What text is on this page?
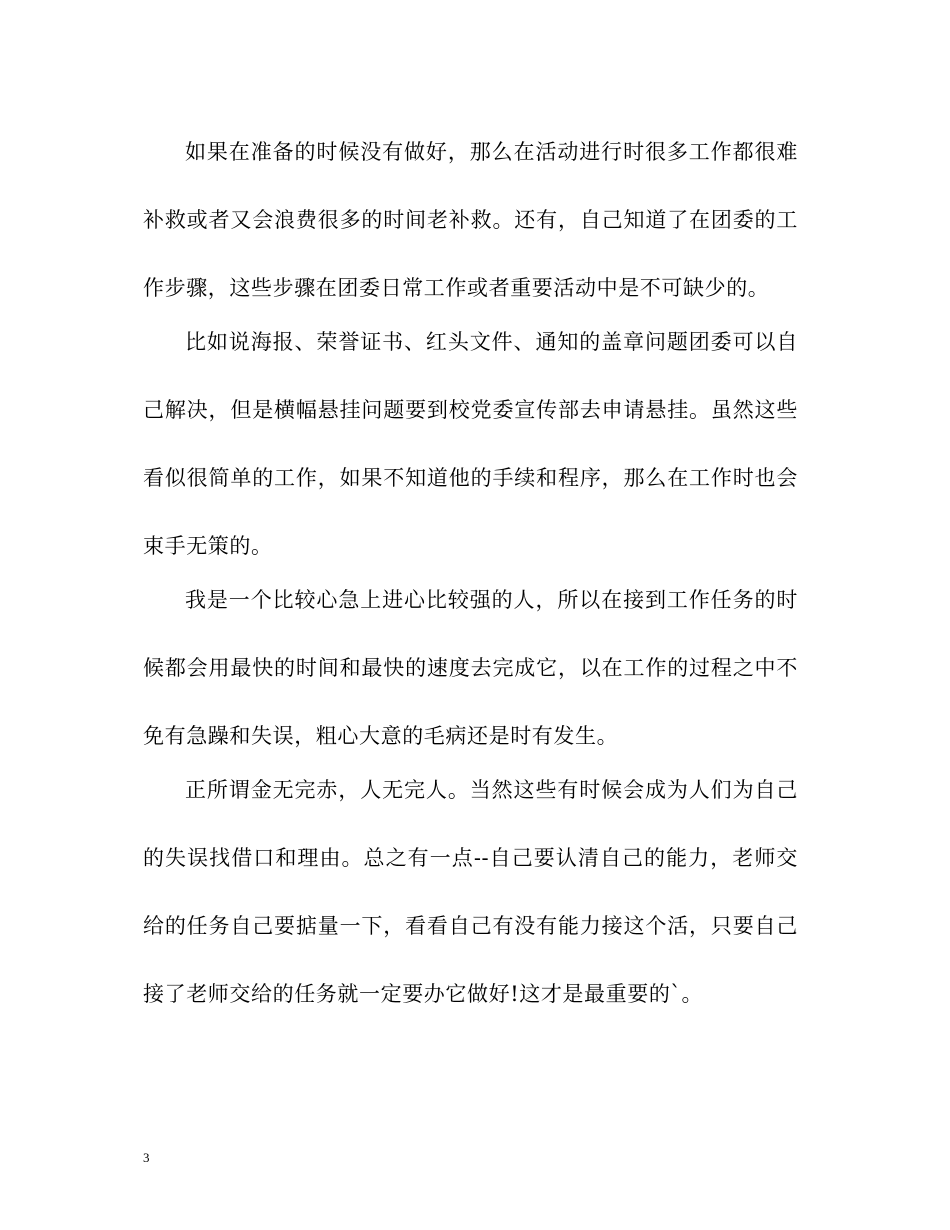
如果在准备的时候没有做好，那么在活动进行时很多工作都很难补救或者又会浪费很多的时间老补救。还有，自己知道了在团委的工作步骤，这些步骤在团委日常工作或者重要活动中是不可缺少的。

比如说海报、荣誉证书、红头文件、通知的盖章问题团委可以自己解决，但是横幅悬挂问题要到校党委宣传部去申请悬挂。虽然这些看似很简单的工作，如果不知道他的手续和程序，那么在工作时也会束手无策的。

我是一个比较心急上进心比较强的人，所以在接到工作任务的时候都会用最快的时间和最快的速度去完成它，以在工作的过程之中不免有急躁和失误，粗心大意的毛病还是时有发生。

正所谓金无完赤，人无完人。当然这些有时候会成为人们为自己的失误找借口和理由。总之有一点--自己要认清自己的能力，老师交给的任务自己要掂量一下，看看自己有没有能力接这个活，只要自己接了老师交给的任务就一定要办它做好!这才是最重要的`。

3
